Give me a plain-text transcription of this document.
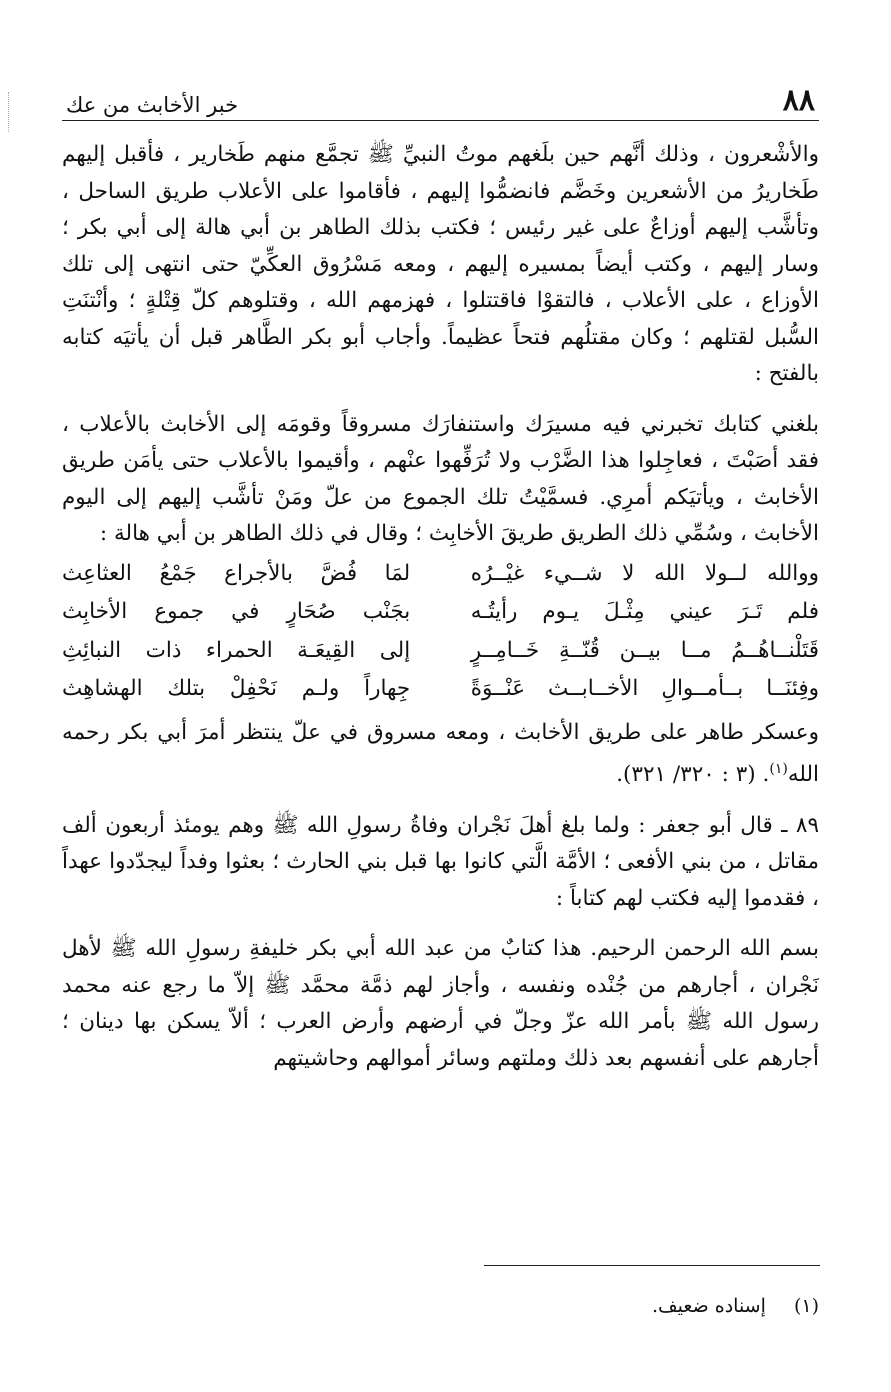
٨٨
خبر الأخابث من عك

والأشْعرون ، وذلك أنَّهم حين بلَغهم موتُ النبيِّ ﷺ تجمَّع منهم طَخارير ، فأقبل إليهم طَخاريرُ من الأشعرين وخَضَّم فانضمُّوا إليهم ، فأقاموا على الأعلاب طريق الساحل ، وتأشَّب إليهم أوزاعٌ على غير رئيس ؛ فكتب بذلك الطاهر بن أبي هالة إلى أبي بكر ؛ وسار إليهم ، وكتب أيضاً بمسيره إليهم ، ومعه مَسْرُوق العكِّيّ حتى انتهى إلى تلك الأوزاع ، على الأعلاب ، فالتقوْا فاقتتلوا ، فهزمهم الله ، وقتلوهم كلّ قِتْلةٍ ؛ وأنْتنَتِ السُّبل لقتلهم ؛ وكان مقتلُهم فتحاً عظيماً. وأجاب أبو بكر الطَّاهر قبل أن يأتيَه كتابه بالفتح :

بلغني كتابك تخبرني فيه مسيرَك واستنفارَك مسروقاً وقومَه إلى الأخابث بالأعلاب ، فقد أصَبْتَ ، فعاجِلوا هذا الضَّرْب ولا تُرَفِّهوا عنْهم ، وأقيموا بالأعلاب حتى يأمَن طريق الأخابث ، ويأتيَكم أمرِي. فسمَّيْتُ تلك الجموع من علّ ومَنْ تأشَّب إليهم إلى اليوم الأخابث ، وسُمِّي ذلك الطريق طريقَ الأخابِث ؛ وقال في ذلك الطاهر بن أبي هالة :

ووالله لــولا الله لا شــيء غيْــرُه
لمَا فُضَّ بالأجراع جَمْعُ العثاعِث
فلم تَـرَ عيني مِثْـلَ يـوم رأيتُـه
بجَنْب صُحَارٍ في جموع الأخابِث
قَتَلْنــاهُــمُ مــا بيــن قُنّــةِ خَــامِــرٍ
إلى القِيعَـة الحمراء ذات النبائِثِ
وفِئنَــا بــأمــوالِ الأخــابــث عَنْــوَةً
جِهاراً ولـم نَحْفِلْ بتلك الهشاهِث

وعسكر طاهر على طريق الأخابث ، ومعه مسروق في علّ ينتظر أمرَ أبي بكر رحمه الله$^{(١)}$. (٣ : ٣٢٠/ ٣٢١).

٨٩ ـ قال أبو جعفر : ولما بلغ أهلَ نَجْران وفاةُ رسولِ الله ﷺ وهم يومئذ أربعون ألف مقاتل ، من بني الأفعى ؛ الأمَّة الَّتي كانوا بها قبل بني الحارث ؛ بعثوا وفداً ليجدّدوا عهداً ، فقدموا إليه فكتب لهم كتاباً :

بسم الله الرحمن الرحيم. هذا كتابٌ من عبد الله أبي بكر خليفةِ رسولِ الله ﷺ لأهل نَجْران ، أجارهم من جُنْده ونفسه ، وأجاز لهم ذمَّة محمَّد ﷺ إلاّ ما رجع عنه محمد رسول الله ﷺ بأمر الله عزّ وجلّ في أرضهم وأرض العرب ؛ ألاّ يسكن بها دينان ؛ أجارهم على أنفسهم بعد ذلك وملتهم وسائر أموالهم وحاشيتهم

(١) إسناده ضعيف.
